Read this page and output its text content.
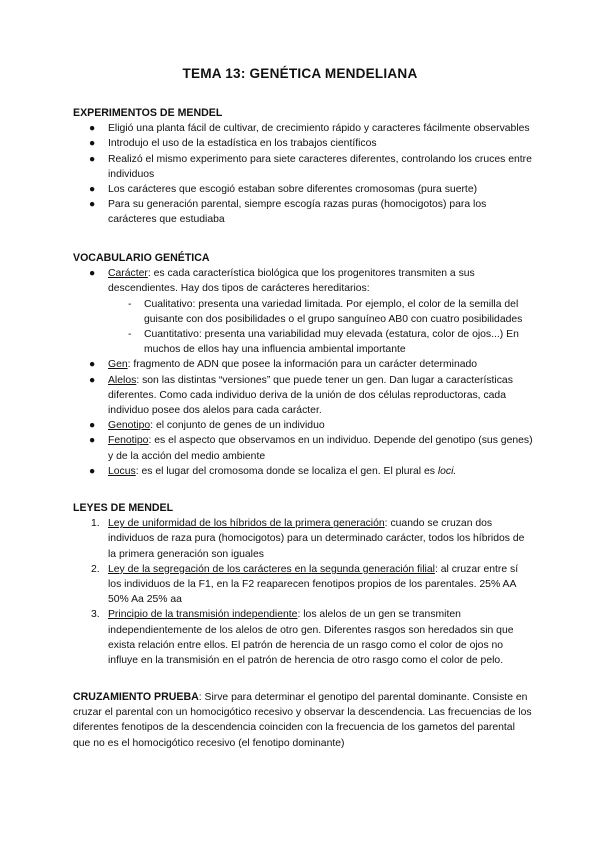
TEMA 13: GENÉTICA MENDELIANA
EXPERIMENTOS DE MENDEL
● Eligió una planta fácil de cultivar, de crecimiento rápido y caracteres fácilmente observables
● Introdujo el uso de la estadística en los trabajos científicos
● Realizó el mismo experimento para siete caracteres diferentes, controlando los cruces entre individuos
● Los carácteres que escogió estaban sobre diferentes cromosomas (pura suerte)
● Para su generación parental, siempre escogía razas puras (homocigotos) para los carácteres que estudiaba
VOCABULARIO GENÉTICA
● Carácter: es cada característica biológica que los progenitores transmiten a sus descendientes. Hay dos tipos de carácteres hereditarios:
- Cualitativo: presenta una variedad limitada. Por ejemplo, el color de la semilla del guisante con dos posibilidades o el grupo sanguíneo AB0 con cuatro posibilidades
- Cuantitativo: presenta una variabilidad muy elevada (estatura, color de ojos...) En muchos de ellos hay una influencia ambiental importante
● Gen: fragmento de ADN que posee la información para un carácter determinado
● Alelos: son las distintas “versiones” que puede tener un gen. Dan lugar a características diferentes. Como cada individuo deriva de la unión de dos células reproductoras, cada individuo posee dos alelos para cada carácter.
● Genotipo: el conjunto de genes de un individuo
● Fenotipo: es el aspecto que observamos en un individuo. Depende del genotipo (sus genes) y de la acción del medio ambiente
● Locus: es el lugar del cromosoma donde se localiza el gen. El plural es loci.
LEYES DE MENDEL
1. Ley de uniformidad de los híbridos de la primera generación: cuando se cruzan dos individuos de raza pura (homocigotos) para un determinado carácter, todos los híbridos de la primera generación son iguales
2. Ley de la segregación de los carácteres en la segunda generación filial: al cruzar entre sí los individuos de la F1, en la F2 reaparecen fenotipos propios de los parentales. 25% AA 50% Aa 25% aa
3. Principio de la transmisión independiente: los alelos de un gen se transmiten independientemente de los alelos de otro gen. Diferentes rasgos son heredados sin que exista relación entre ellos. El patrón de herencia de un rasgo como el color de ojos no influye en la transmisión en el patrón de herencia de otro rasgo como el color de pelo.
CRUZAMIENTO PRUEBA: Sirve para determinar el genotipo del parental dominante. Consiste en cruzar el parental con un homocigótico recesivo y observar la descendencia. Las frecuencias de los diferentes fenotipos de la descendencia coinciden con la frecuencia de los gametos del parental que no es el homocigótico recesivo (el fenotipo dominante)
